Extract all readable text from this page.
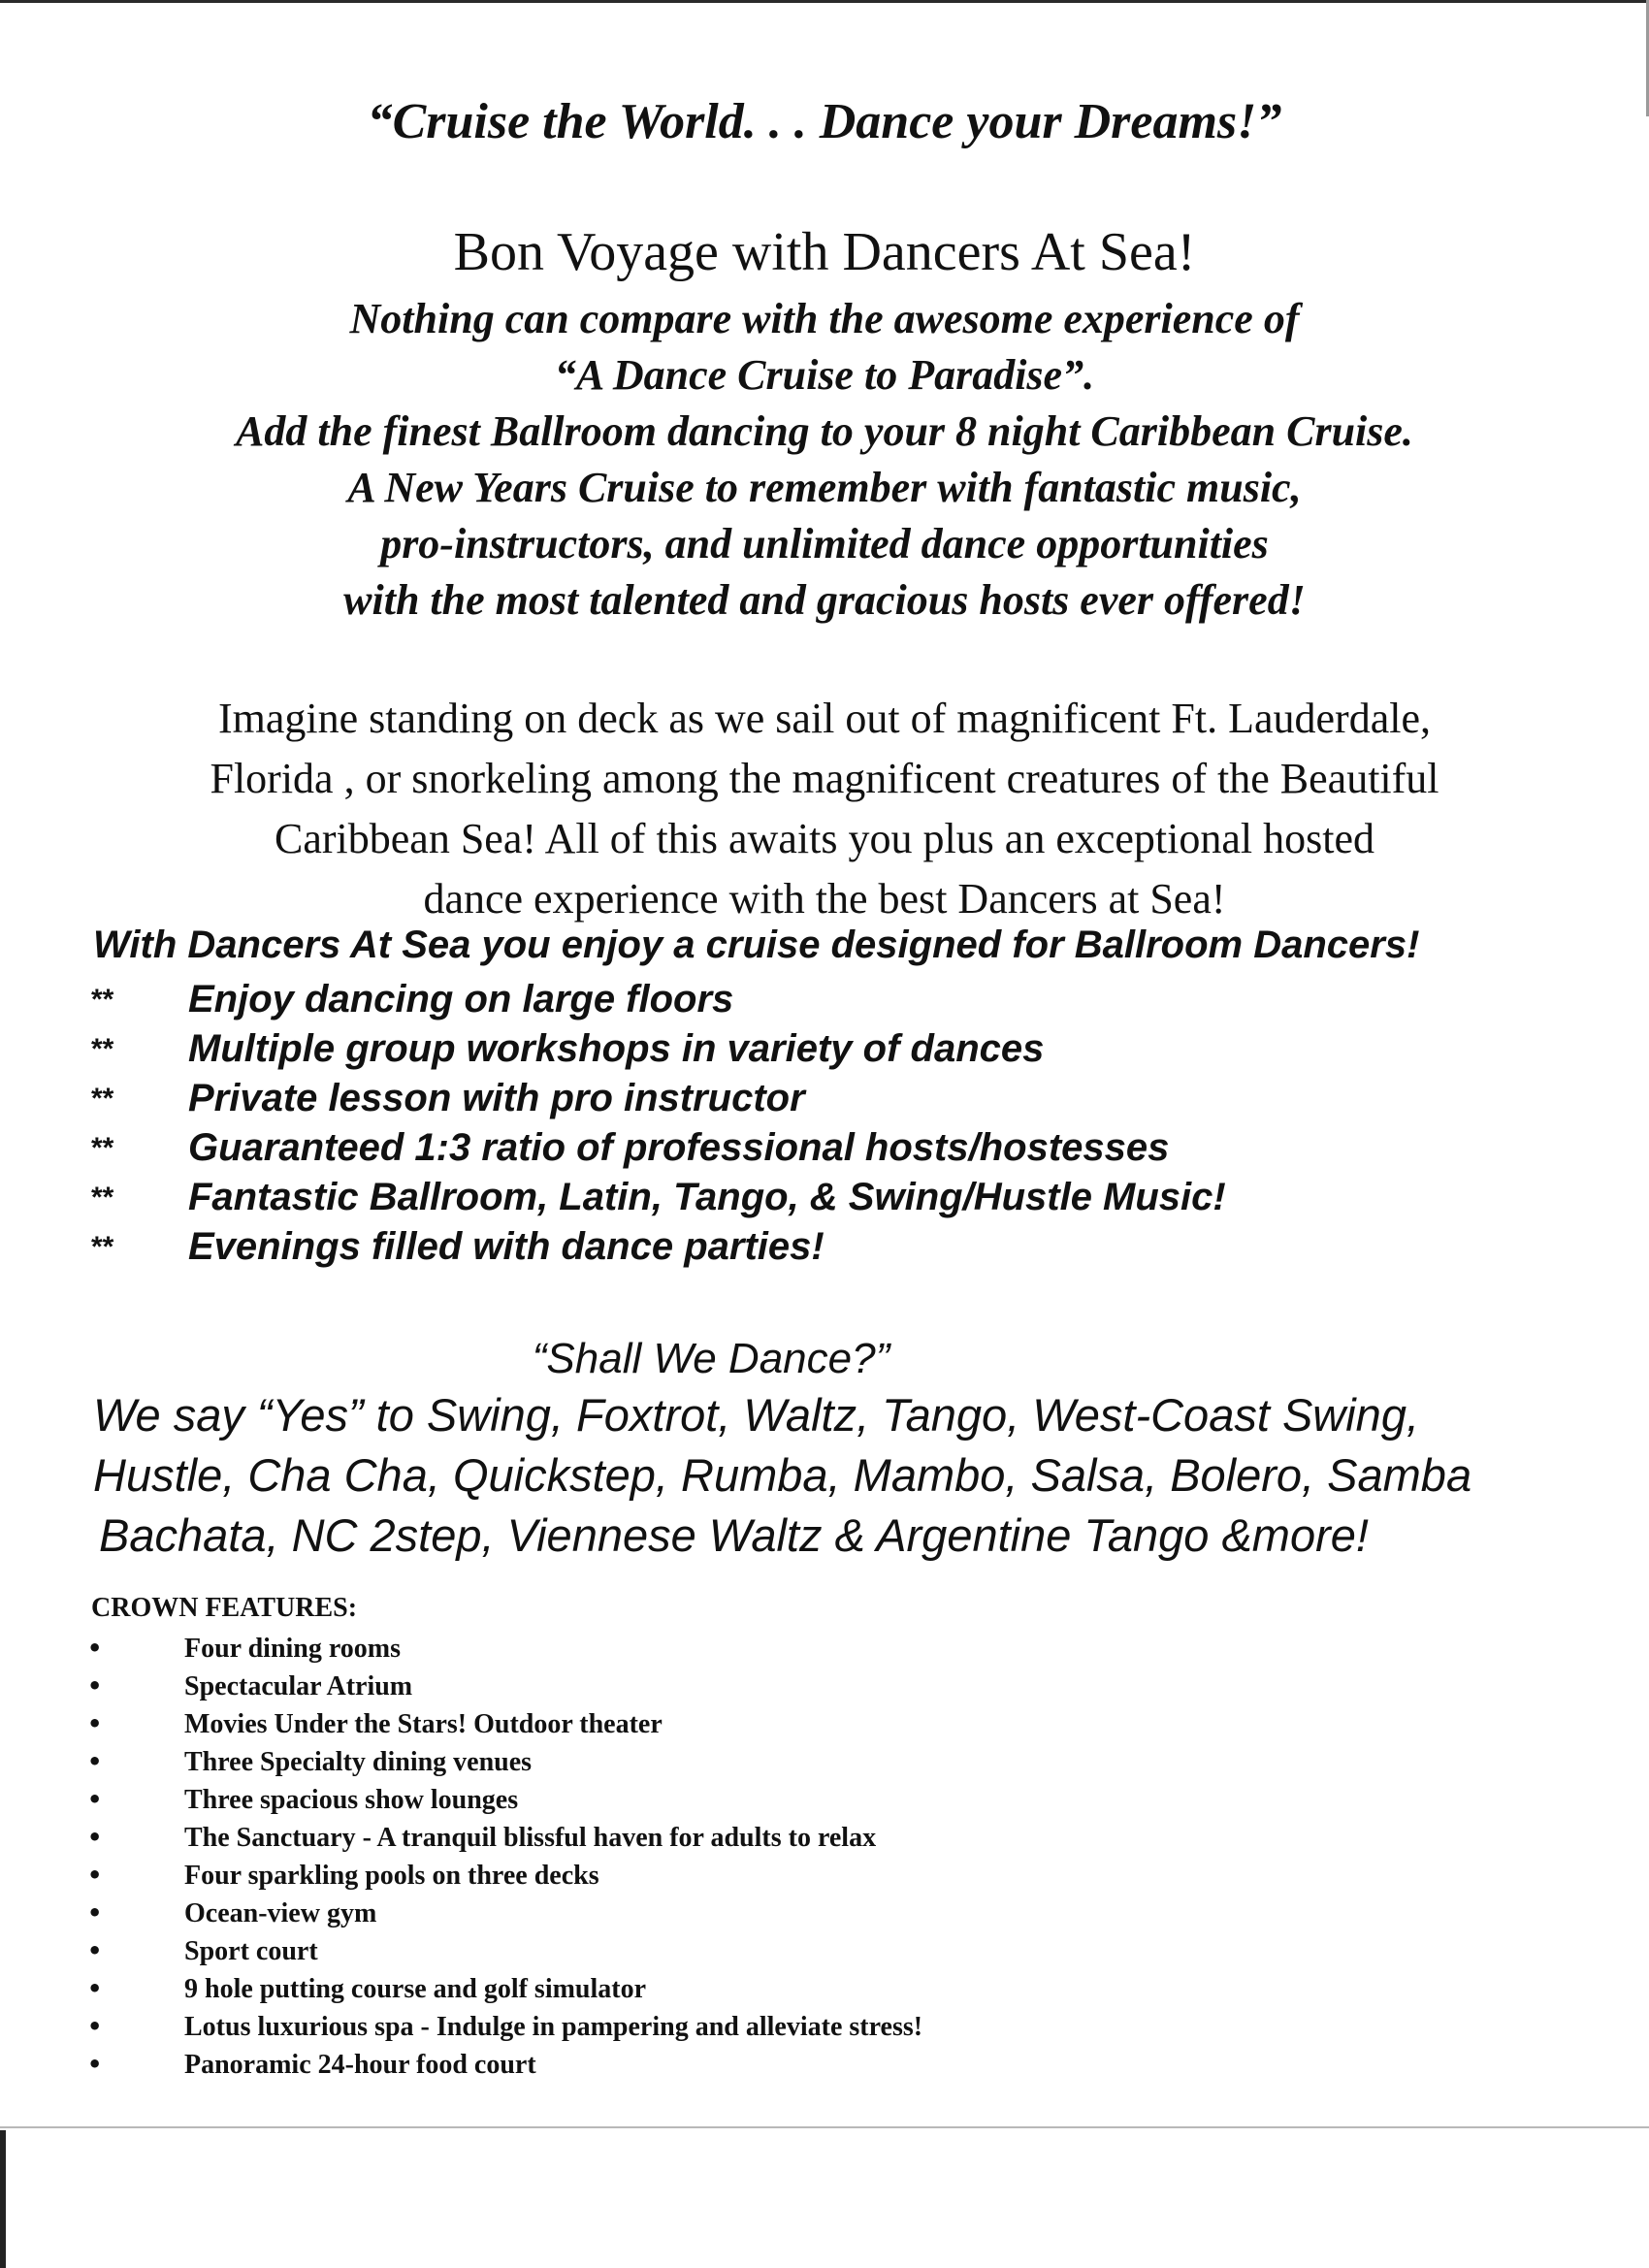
“Cruise the World. . . Dance your Dreams!”
Bon Voyage with Dancers At Sea!
Nothing can compare with the awesome experience of
“A Dance Cruise to Paradise”.
Add the finest Ballroom dancing to your 8 night Caribbean Cruise.
A New Years Cruise to remember with fantastic music,
pro-instructors, and unlimited dance opportunities
with the most talented and gracious hosts ever offered!
Imagine standing on deck as we sail out of magnificent Ft. Lauderdale,
Florida , or snorkeling among the magnificent creatures of the Beautiful
Caribbean Sea! All of this awaits you plus an exceptional hosted
dance experience with the best Dancers at Sea!
With Dancers At Sea you enjoy a cruise designed for Ballroom Dancers!
**	Enjoy dancing on large floors
**	Multiple group workshops in variety of dances
**	Private lesson with pro instructor
**	Guaranteed 1:3 ratio of professional hosts/hostesses
**	Fantastic Ballroom, Latin, Tango, & Swing/Hustle Music!
**	Evenings filled with dance parties!
“Shall We Dance?”
We say “Yes” to Swing, Foxtrot, Waltz, Tango, West-Coast Swing,
Hustle, Cha Cha, Quickstep, Rumba, Mambo, Salsa, Bolero, Samba
Bachata, NC 2step, Viennese Waltz & Argentine Tango &more!
CROWN FEATURES:
•	Four dining rooms
•	Spectacular Atrium
•	Movies Under the Stars! Outdoor theater
•	Three Specialty dining venues
•	Three spacious show lounges
•	The Sanctuary - A tranquil blissful haven for adults to relax
•	Four sparkling pools on three decks
•	Ocean-view gym
•	Sport court
•	9 hole putting course and golf simulator
•	Lotus luxurious spa - Indulge in pampering and alleviate stress!
•	Panoramic 24-hour food court
